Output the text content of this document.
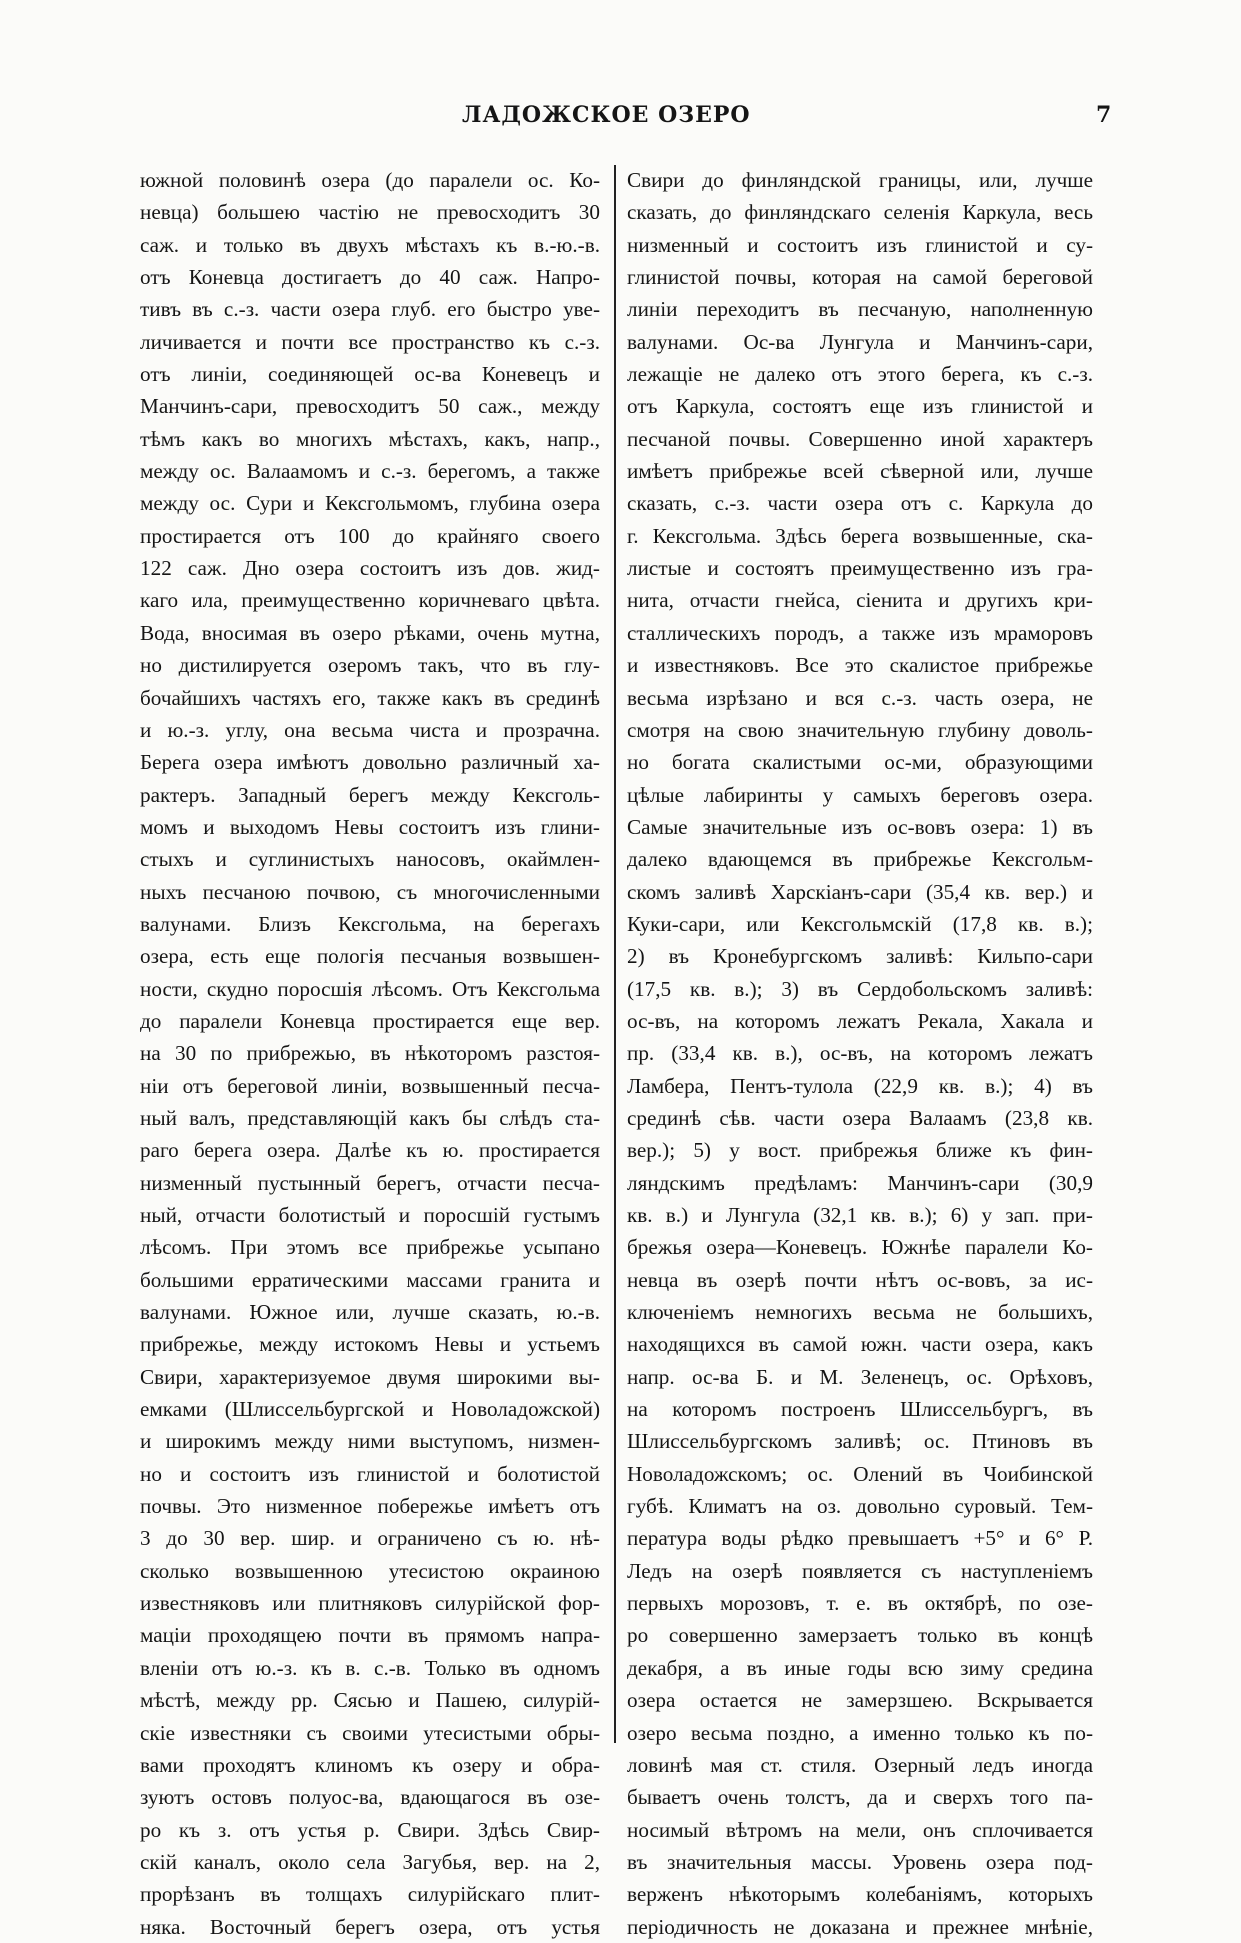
ЛАДОЖСКОЕ ОЗЕРО	7
южной половинѣ озера (до паралели ос. Ко-
невца) большею частію не превосходитъ 30
саж. и только въ двухъ мѣстахъ къ в.-ю.-в.
отъ Коневца достигаетъ до 40 саж. Напро-
тивъ въ с.-з. части озера глуб. его быстро уве-
личивается и почти все пространство къ с.-з.
отъ линіи, соединяющей ос-ва Коневецъ и
Манчинъ-сари, превосходитъ 50 саж., между
тѣмъ какъ во многихъ мѣстахъ, какъ, напр.,
между ос. Валаамомъ и с.-з. берегомъ, а также
между ос. Сури и Кексгольмомъ, глубина озера
простирается отъ 100 до крайняго своего
122 саж. Дно озера состоитъ изъ дов. жид-
каго ила, преимущественно коричневаго цвѣта.
Вода, вносимая въ озеро рѣками, очень мутна,
но дистилируется озеромъ такъ, что въ глу-
бочайшихъ частяхъ его, также какъ въ срединѣ
и ю.-з. углу, она весьма чиста и прозрачна.
Берега озера имѣютъ довольно различный ха-
рактеръ. Западный берегъ между Кексголь-
момъ и выходомъ Невы состоитъ изъ глини-
стыхъ и суглинистыхъ наносовъ, окаймлен-
ныхъ песчаною почвою, съ многочисленными
валунами. Близъ Кексгольма, на берегахъ
озера, есть еще пологія песчаныя возвышен-
ности, скудно поросшія лѣсомъ. Отъ Кексгольма
до паралели Коневца простирается еще вер.
на 30 по прибрежью, въ нѣкоторомъ разстоя-
ніи отъ береговой линіи, возвышенный песча-
ный валъ, представляющій какъ бы слѣдъ ста-
раго берега озера. Далѣе къ ю. простирается
низменный пустынный берегъ, отчасти песча-
ный, отчасти болотистый и поросшій густымъ
лѣсомъ. При этомъ все прибрежье усыпано
большими ерратическими массами гранита и
валунами. Южное или, лучше сказать, ю.-в.
прибрежье, между истокомъ Невы и устьемъ
Свири, характеризуемое двумя широкими вы-
емками (Шлиссельбургской и Новоладожской)
и широкимъ между ними выступомъ, низмен-
но и состоитъ изъ глинистой и болотистой
почвы. Это низменное побережье имѣетъ отъ
3 до 30 вер. шир. и ограничено съ ю. нѣ-
сколько возвышенною утесистою окраиною
известняковъ или плитняковъ силурійской фор-
маціи проходящею почти въ прямомъ напра-
вленіи отъ ю.-з. къ в. с.-в. Только въ одномъ
мѣстѣ, между рр. Сясью и Пашею, силурій-
скіе известняки съ своими утесистыми обры-
вами проходятъ клиномъ къ озеру и обра-
зуютъ остовъ полуос-ва, вдающагося въ озе-
ро къ з. отъ устья р. Свири. Здѣсь Свир-
скій каналъ, около села Загубья, вер. на 2,
прорѣзанъ въ толщахъ силурійскаго плит-
няка. Восточный берегъ озера, отъ устья
Свири до финляндской границы, или, лучше
сказать, до финляндскаго селенія Каркула, весь
низменный и состоитъ изъ глинистой и су-
глинистой почвы, которая на самой береговой
линіи переходитъ въ песчаную, наполненную
валунами. Ос-ва Лунгула и Манчинъ-сари,
лежащіе не далеко отъ этого берега, къ с.-з.
отъ Каркула, состоятъ еще изъ глинистой и
песчаной почвы. Совершенно иной характеръ
имѣетъ прибрежье всей сѣверной или, лучше
сказать, с.-з. части озера отъ с. Каркула до
г. Кексгольма. Здѣсь берега возвышенные, ска-
листые и состоятъ преимущественно изъ гра-
нита, отчасти гнейса, сіенита и другихъ кри-
сталлическихъ породъ, а также изъ мраморовъ
и известняковъ. Все это скалистое прибрежье
весьма изрѣзано и вся с.-з. часть озера, не
смотря на свою значительную глубину доволь-
но богата скалистыми ос-ми, образующими
цѣлые лабиринты у самыхъ береговъ озера.
Самые значительные изъ ос-вовъ озера: 1) въ
далеко вдающемся въ прибрежье Кексгольм-
скомъ заливѣ Харскіанъ-сари (35,4 кв. вер.) и
Куки-сари, или Кексгольмскій (17,8 кв. в.);
2) въ Кронебургскомъ заливѣ: Кильпо-сари
(17,5 кв. в.); 3) въ Сердобольскомъ заливѣ:
ос-въ, на которомъ лежатъ Рекала, Хакала и
пр. (33,4 кв. в.), ос-въ, на которомъ лежатъ
Ламбера, Пентъ-тулола (22,9 кв. в.); 4) въ
срединѣ сѣв. части озера Валаамъ (23,8 кв.
вер.); 5) у вост. прибрежья ближе къ фин-
ляндскимъ предѣламъ: Манчинъ-сари (30,9
кв. в.) и Лунгула (32,1 кв. в.); 6) у зап. при-
брежья озера—Коневецъ. Южнѣе паралели Ко-
невца въ озерѣ почти нѣтъ ос-вовъ, за ис-
ключеніемъ немногихъ весьма не большихъ,
находящихся въ самой южн. части озера, какъ
напр. ос-ва Б. и М. Зеленецъ, ос. Орѣховъ,
на которомъ построенъ Шлиссельбургъ, въ
Шлиссельбургскомъ заливѣ; ос. Птиновъ въ
Новоладожскомъ; ос. Олений въ Чоибинской
губѣ. Климатъ на оз. довольно суровый. Тем-
пература воды рѣдко превышаетъ +5° и 6° Р.
Ледъ на озерѣ появляется съ наступленіемъ
первыхъ морозовъ, т. е. въ октябрѣ, по озе-
ро совершенно замерзаетъ только въ концѣ
декабря, а въ иные годы всю зиму средина
озера остается не замерзшею. Вскрывается
озеро весьма поздно, а именно только къ по-
ловинѣ мая ст. стиля. Озерный ледъ иногда
бываетъ очень толстъ, да и сверхъ того па-
носимый вѣтромъ на мели, онъ сплочивается
въ значительныя массы. Уровень озера под-
верженъ нѣкоторымъ колебаніямъ, которыхъ
періодичность не доказана и прежнее мнѣніе,
